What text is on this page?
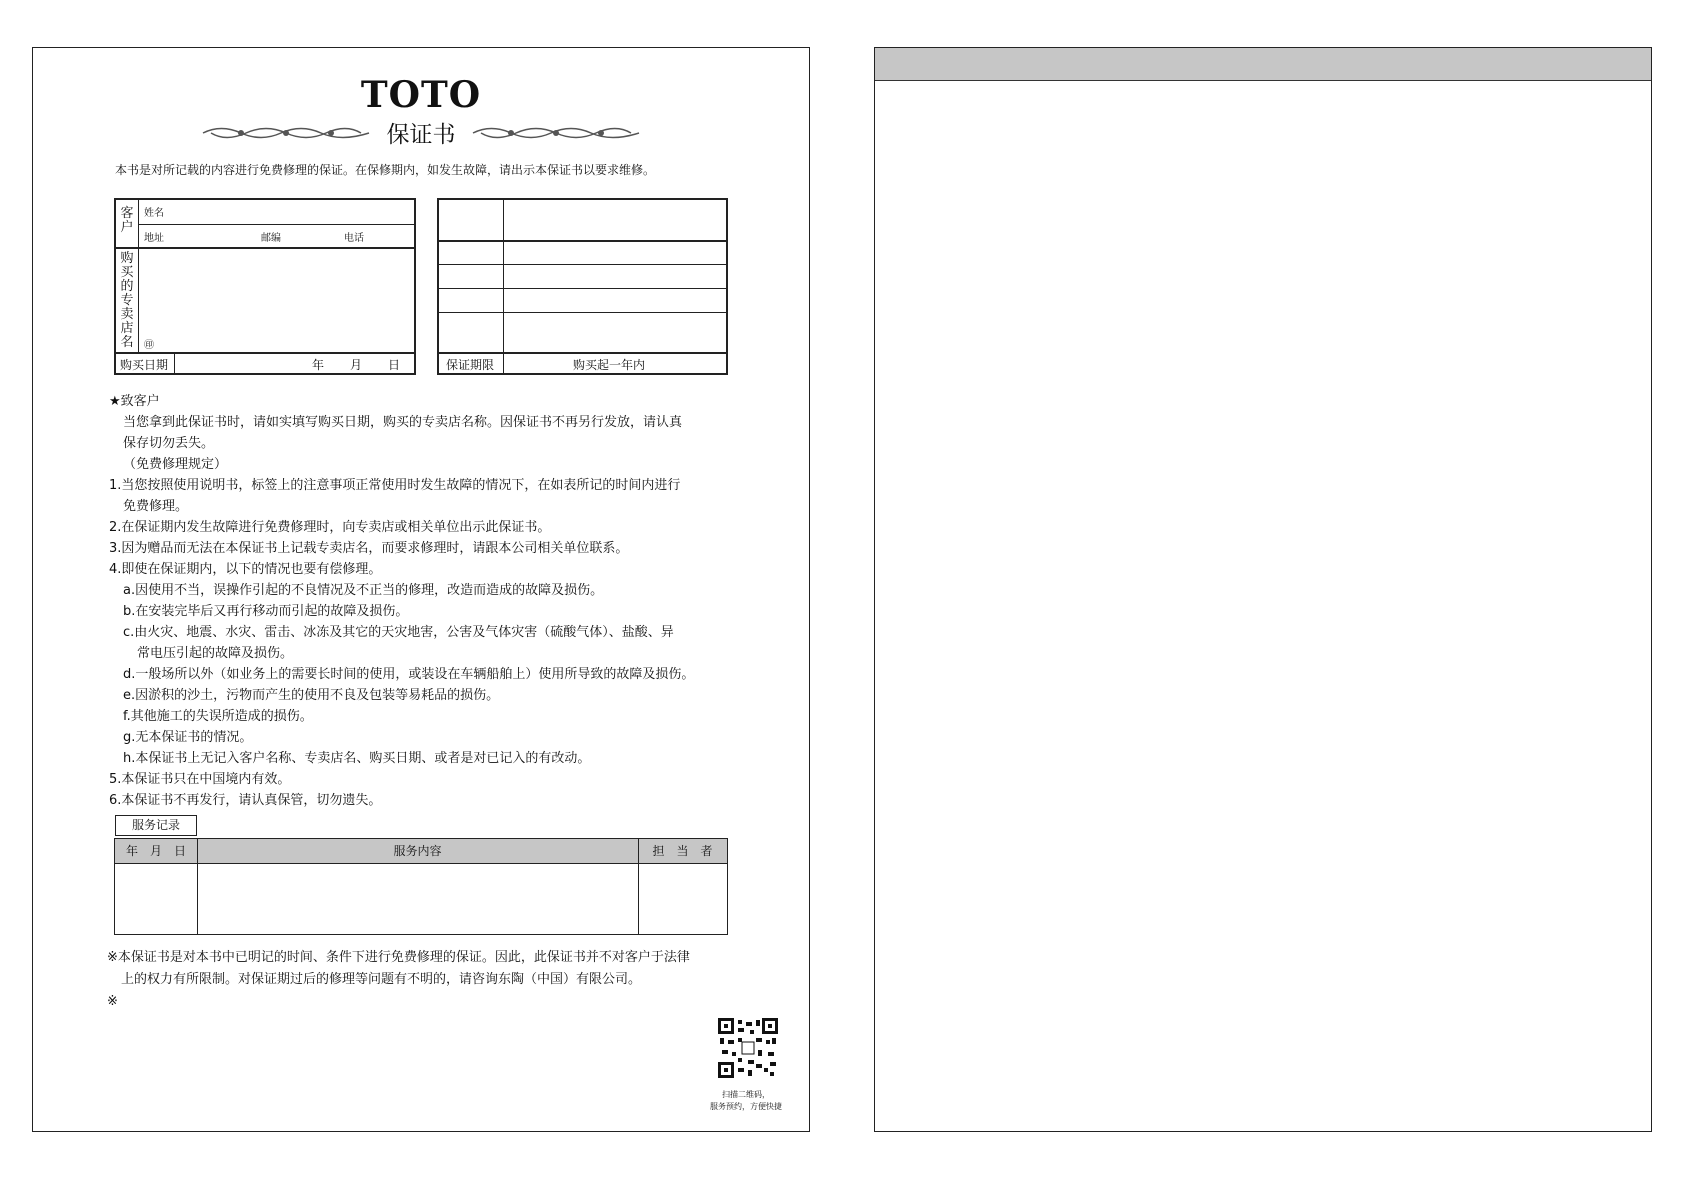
TOTO
保证书
本书是对所记载的内容进行免费修理的保证。在保修期内，如发生故障，请出示本保证书以要求维修。
客户
姓名
地址	邮编	电话
购买的专卖店名 ㊞
购买日期	年 月 日	保证期限	购买起一年内
★致客户
当您拿到此保证书时，请如实填写购买日期，购买的专卖店名称。因保证书不再另行发放，请认真
保存切勿丢失。
（免费修理规定）
1.当您按照使用说明书，标签上的注意事项正常使用时发生故障的情况下，在如表所记的时间内进行
免费修理。
2.在保证期内发生故障进行免费修理时，向专卖店或相关单位出示此保证书。
3.因为赠品而无法在本保证书上记载专卖店名，而要求修理时，请跟本公司相关单位联系。
4.即使在保证期内，以下的情况也要有偿修理。
a.因使用不当，误操作引起的不良情况及不正当的修理，改造而造成的故障及损伤。
b.在安装完毕后又再行移动而引起的故障及损伤。
c.由火灾、地震、水灾、雷击、冰冻及其它的天灾地害，公害及气体灾害（硫酸气体）、盐酸、异
常电压引起的故障及损伤。
d.一般场所以外（如业务上的需要长时间的使用，或装设在车辆船舶上）使用所导致的故障及损伤。
e.因淤积的沙土，污物而产生的使用不良及包装等易耗品的损伤。
f.其他施工的失误所造成的损伤。
g.无本保证书的情况。
h.本保证书上无记入客户名称、专卖店名、购买日期、或者是对已记入的有改动。
5.本保证书只在中国境内有效。
6.本保证书不再发行，请认真保管，切勿遗失。
服务记录
年　月　日	服务内容	担　当　者
※本保证书是对本书中已明记的时间、条件下进行免费修理的保证。因此，此保证书并不对客户于法律
上的权力有所限制。对保证期过后的修理等问题有不明的，请咨询东陶（中国）有限公司。
※
扫描二维码，
服务预约，方便快捷
